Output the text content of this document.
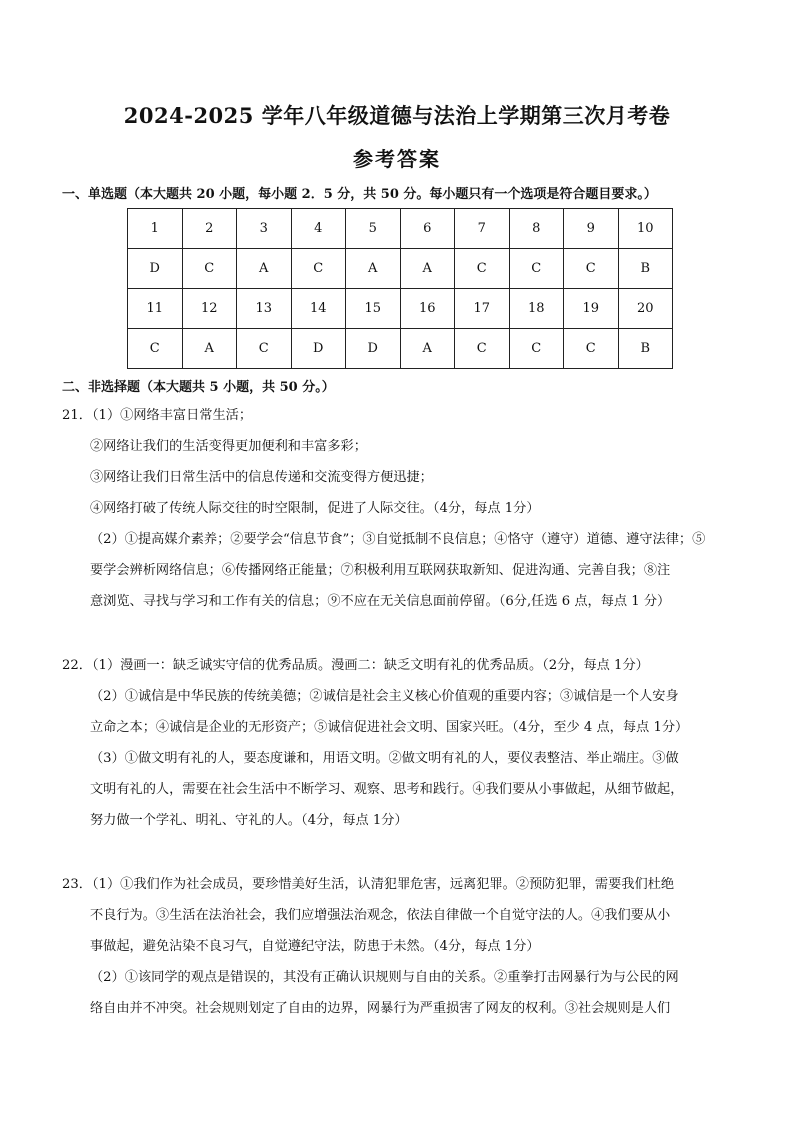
2024-2025 学年八年级道德与法治上学期第三次月考卷
参考答案
一、单选题（本大题共 20 小题，每小题 2．5 分，共 50 分。每小题只有一个选项是符合题目要求。）
1	2	3	4	5	6	7	8	9	10
D	C	A	C	A	A	C	C	C	B
11	12	13	14	15	16	17	18	19	20
C	A	C	D	D	A	C	C	C	B
二、非选择题（本大题共 5 小题，共 50 分。）
21．（1）①网络丰富日常生活；
②网络让我们的生活变得更加便利和丰富多彩；
③网络让我们日常生活中的信息传递和交流变得方便迅捷；
④网络打破了传统人际交往的时空限制，促进了人际交往。（4分，每点 1分）
（2）①提高媒介素养；②要学会“信息节食”；③自觉抵制不良信息；④恪守（遵守）道德、遵守法律；⑤
要学会辨析网络信息；⑥传播网络正能量；⑦积极利用互联网获取新知、促进沟通、完善自我；⑧注
意浏览、寻找与学习和工作有关的信息；⑨不应在无关信息面前停留。（6分,任选 6 点，每点 1 分）
22．（1）漫画一：缺乏诚实守信的优秀品质。漫画二：缺乏文明有礼的优秀品质。（2分，每点 1分）
（2）①诚信是中华民族的传统美德；②诚信是社会主义核心价值观的重要内容；③诚信是一个人安身
立命之本；④诚信是企业的无形资产；⑤诚信促进社会文明、国家兴旺。（4分，至少 4 点，每点 1分）
（3）①做文明有礼的人，要态度谦和，用语文明。②做文明有礼的人，要仪表整洁、举止端庄。③做
文明有礼的人，需要在社会生活中不断学习、观察、思考和践行。④我们要从小事做起，从细节做起，
努力做一个学礼、明礼、守礼的人。（4分，每点 1分）
23．（1）①我们作为社会成员，要珍惜美好生活，认清犯罪危害，远离犯罪。②预防犯罪，需要我们杜绝
不良行为。③生活在法治社会，我们应增强法治观念，依法自律做一个自觉守法的人。④我们要从小
事做起，避免沾染不良习气，自觉遵纪守法，防患于未然。（4分，每点 1分）
（2）①该同学的观点是错误的，其没有正确认识规则与自由的关系。②重拳打击网暴行为与公民的网
络自由并不冲突。社会规则划定了自由的边界，网暴行为严重损害了网友的权利。③社会规则是人们
